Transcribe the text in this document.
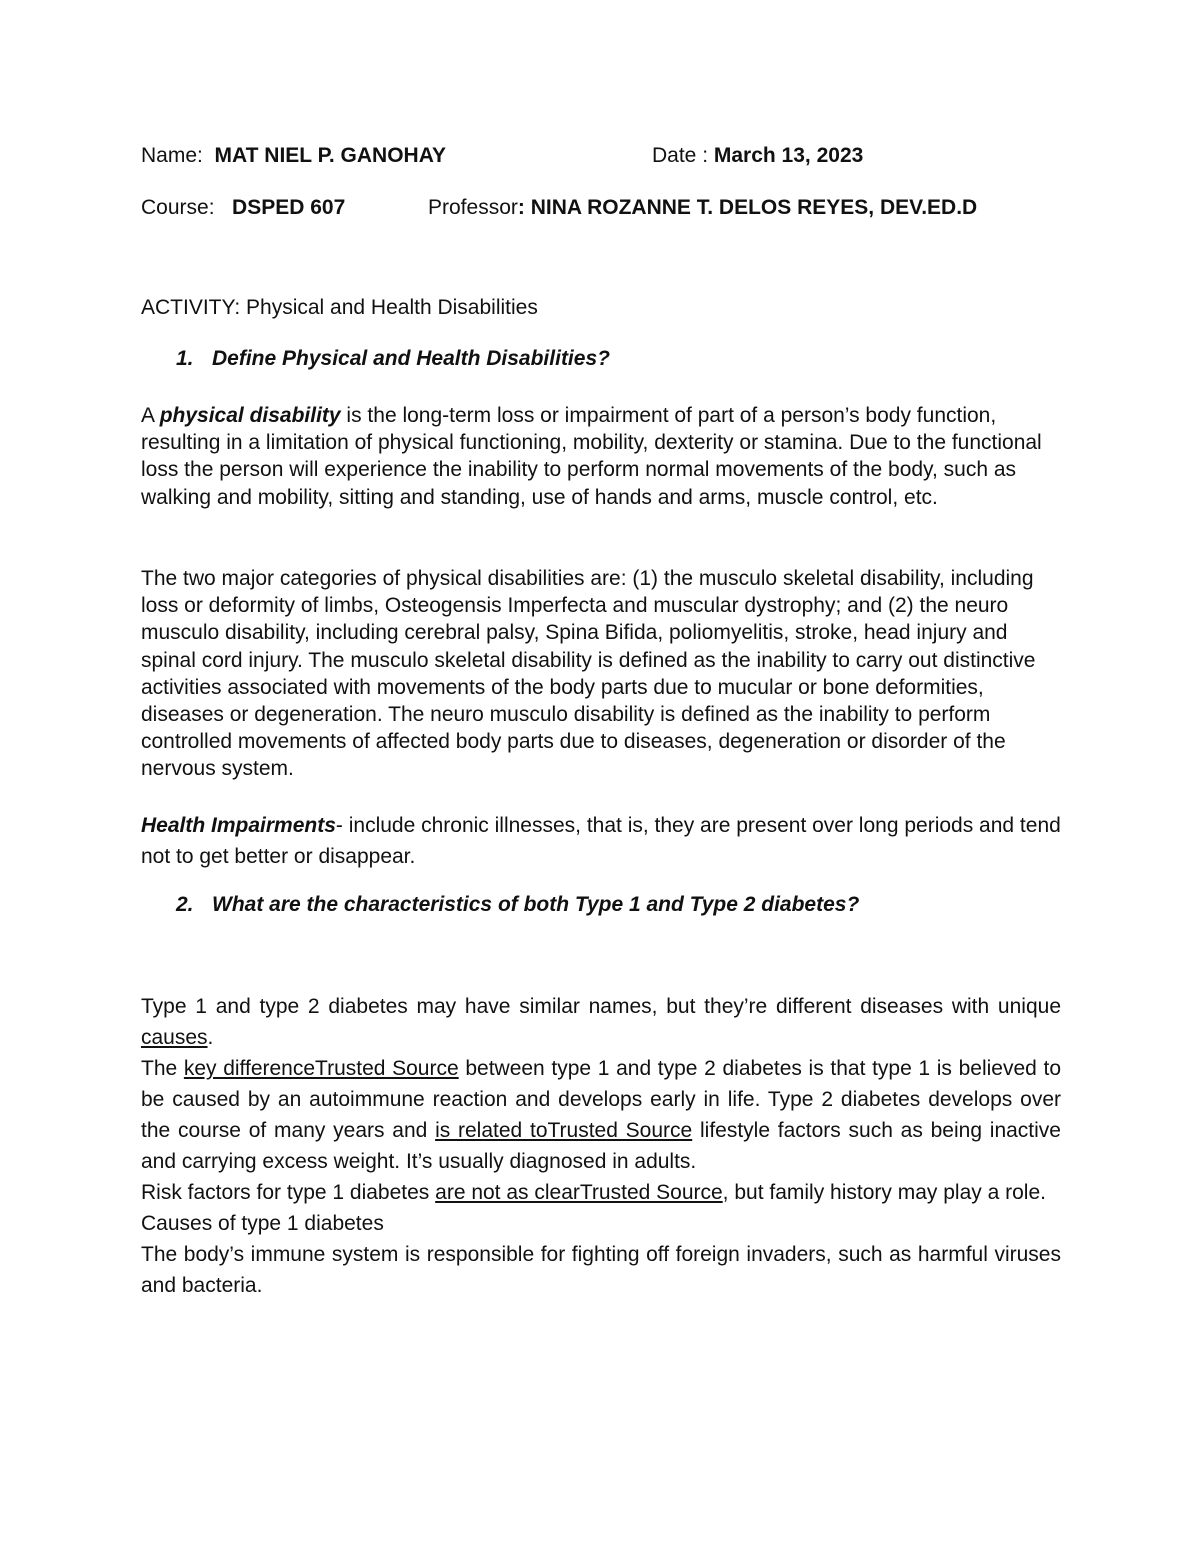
Name: MAT NIEL P. GANOHAY	Date : March 13, 2023
Course: DSPED 607	Professor: NINA ROZANNE T. DELOS REYES, DEV.ED.D
ACTIVITY: Physical and Health Disabilities
1. Define Physical and Health Disabilities?

A physical disability is the long-term loss or impairment of part of a person’s body function, resulting in a limitation of physical functioning, mobility, dexterity or stamina. Due to the functional loss the person will experience the inability to perform normal movements of the body, such as walking and mobility, sitting and standing, use of hands and arms, muscle control, etc.

The two major categories of physical disabilities are: (1) the musculo skeletal disability, including loss or deformity of limbs, Osteogensis Imperfecta and muscular dystrophy; and (2) the neuro musculo disability, including cerebral palsy, Spina Bifida, poliomyelitis, stroke, head injury and spinal cord injury. The musculo skeletal disability is defined as the inability to carry out distinctive activities associated with movements of the body parts due to mucular or bone deformities, diseases or degeneration. The neuro musculo disability is defined as the inability to perform controlled movements of affected body parts due to diseases, degeneration or disorder of the nervous system.

Health Impairments- include chronic illnesses, that is, they are present over long periods and tend not to get better or disappear.

2. What are the characteristics of both Type 1 and Type 2 diabetes?
Type 1 and type 2 diabetes may have similar names, but they’re different diseases with unique causes.
The key differenceTrusted Source between type 1 and type 2 diabetes is that type 1 is believed to be caused by an autoimmune reaction and develops early in life. Type 2 diabetes develops over the course of many years and is related toTrusted Source lifestyle factors such as being inactive and carrying excess weight. It’s usually diagnosed in adults.
Risk factors for type 1 diabetes are not as clearTrusted Source, but family history may play a role.
Causes of type 1 diabetes
The body’s immune system is responsible for fighting off foreign invaders, such as harmful viruses and bacteria.
